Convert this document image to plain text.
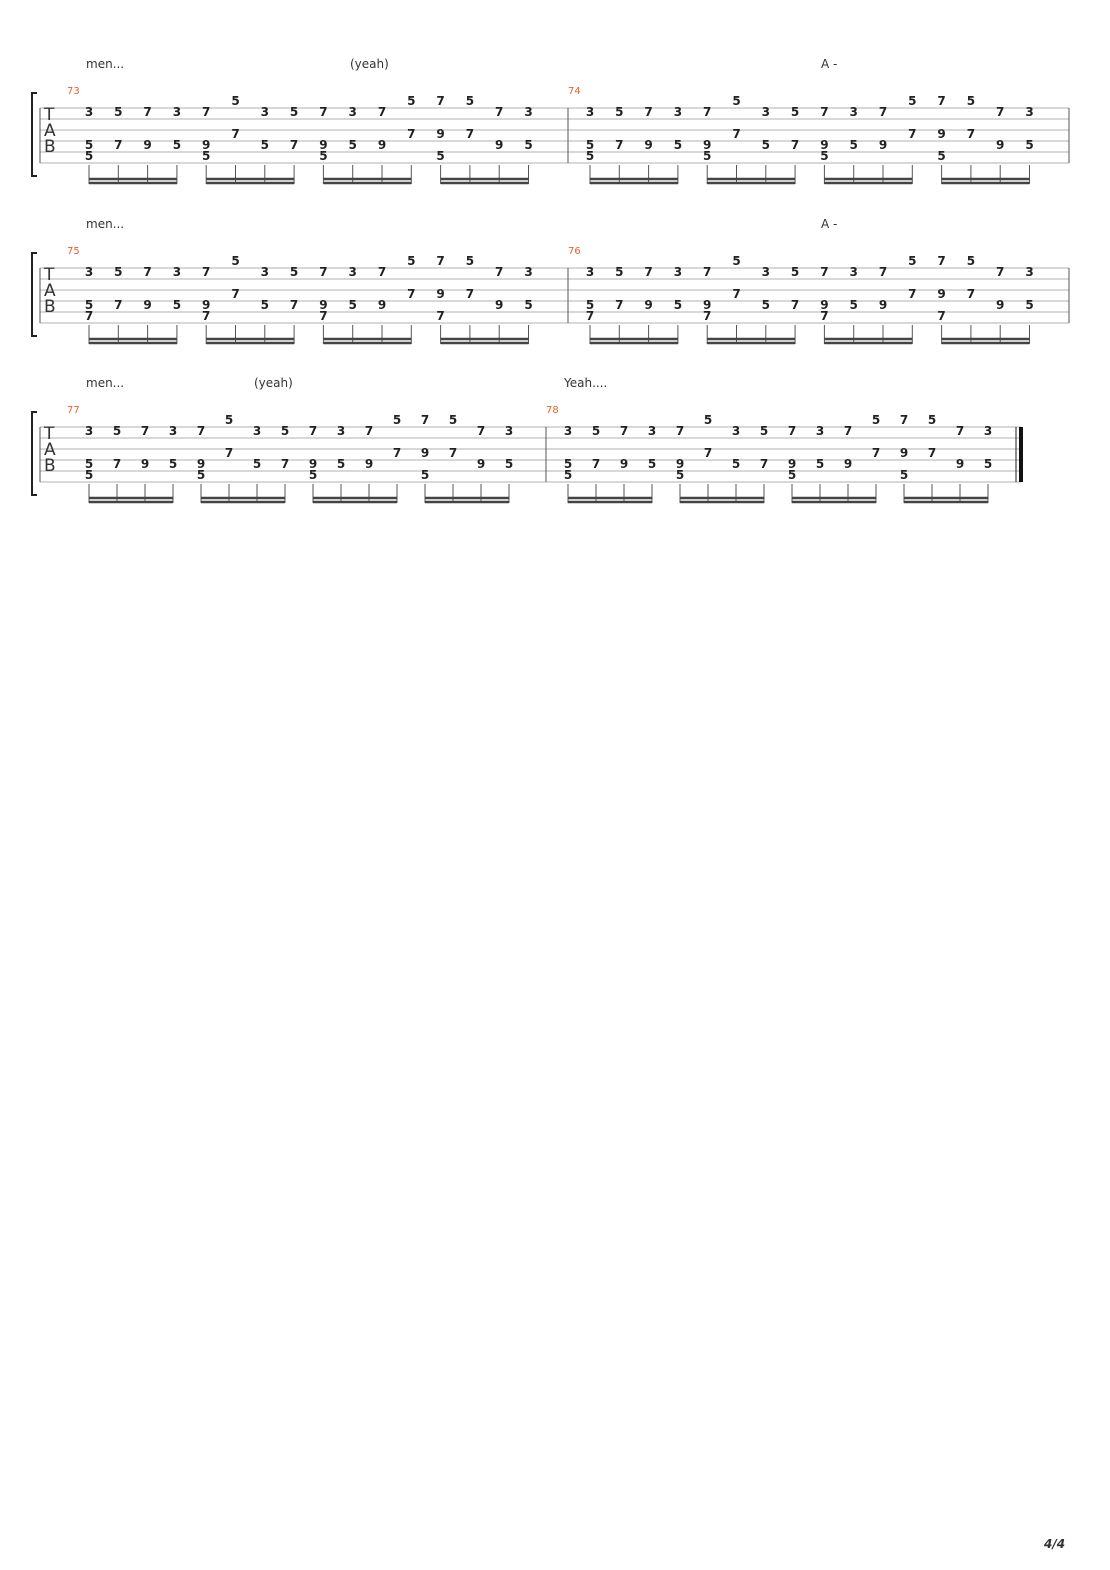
T
A
B
men...	(yeah)	A -
73
3
5
5
5
7
7
9
3
5
7
9
5
5
7
3
5
5
7
7
9
5
3
5
7
9
5
7
7
9
5
5
7
7
9
3
5
74
3
5
5
5
7
7
9
3
5
7
9
5
5
7
3
5
5
7
7
9
5
3
5
7
9
5
7
7
9
5
5
7
7
9
3
5
T
A
B
men...	A -
75
3
5
7
5
7
7
9
3
5
7
9
7
5
7
3
5
5
7
7
9
7
3
5
7
9
5
7
7
9
7
5
7
7
9
3
5
76
3
5
7
5
7
7
9
3
5
7
9
7
5
7
3
5
5
7
7
9
7
3
5
7
9
5
7
7
9
7
5
7
7
9
3
5
T
A
B
men...	(yeah)	Yeah....
77
3
5
5
5
7
7
9
3
5
7
9
5
5
7
3
5
5
7
7
9
5
3
5
7
9
5
7
7
9
5
5
7
7
9
3
5
78
3
5
5
5
7
7
9
3
5
7
9
5
5
7
3
5
5
7
7
9
5
3
5
7
9
5
7
7
9
5
5
7
7
9
3
5
4/4
